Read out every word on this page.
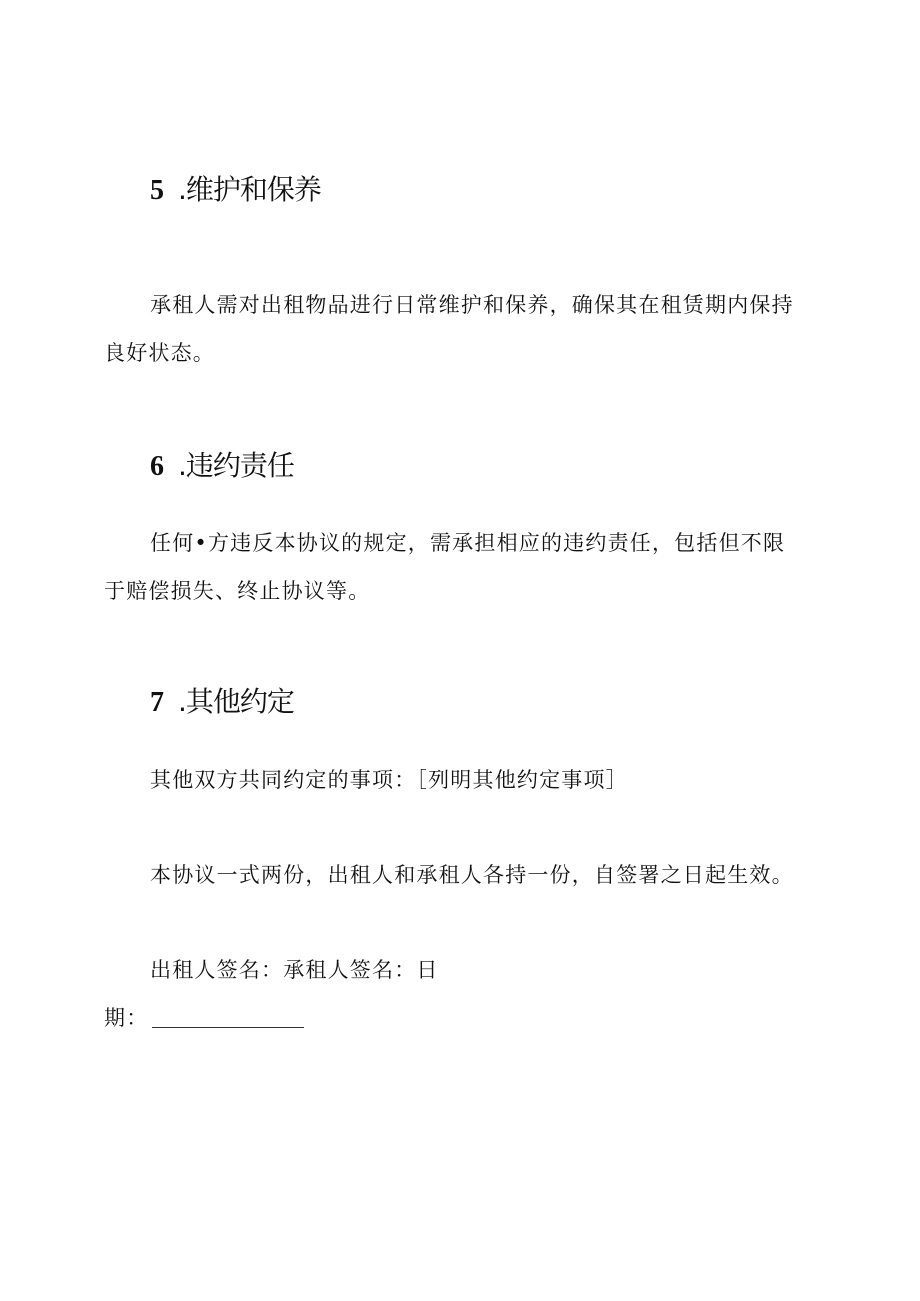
5 .维护和保养

承租人需对出租物品进行日常维护和保养，确保其在租赁期内保持良好状态。

6 .违约责任

任何•方违反本协议的规定，需承担相应的违约责任，包括但不限于赔偿损失、终止协议等。

7 .其他约定

其他双方共同约定的事项：［列明其他约定事项］

本协议一式两份，出租人和承租人各持一份，自签署之日起生效。

出租人签名：承租人签名：日

期：
